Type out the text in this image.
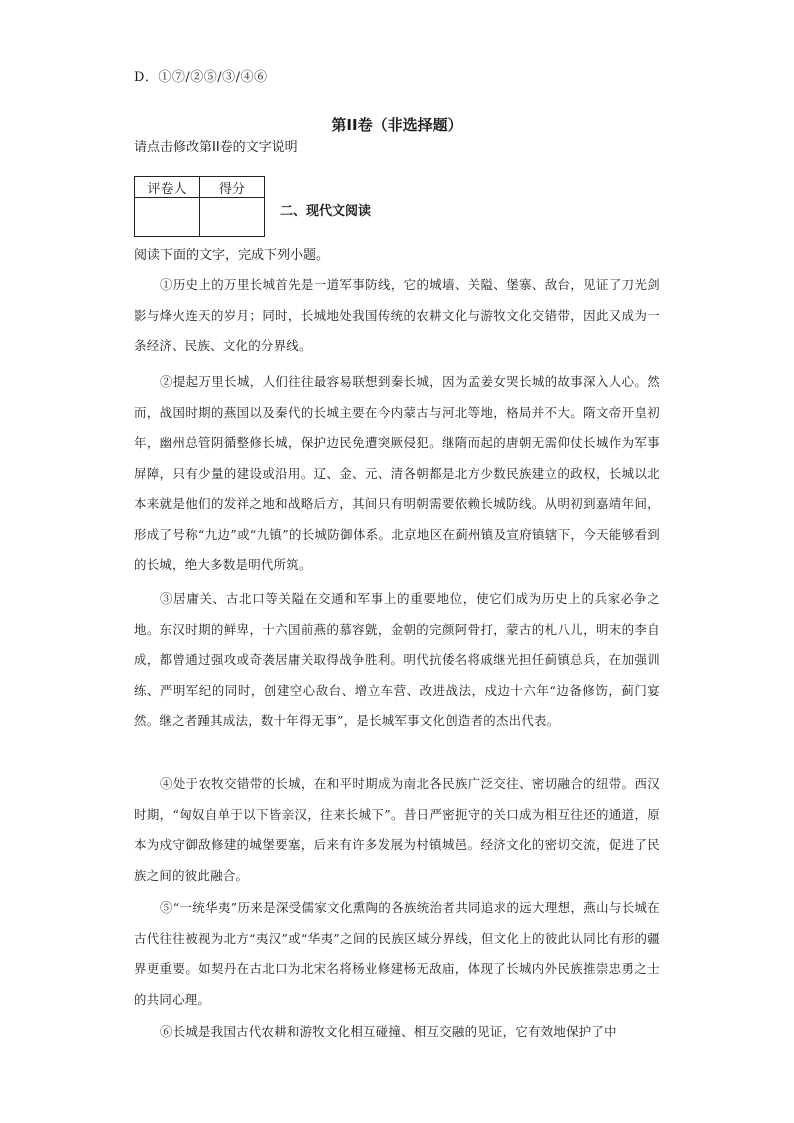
D．①⑦/②⑤/③/④⑥
第II卷（非选择题）
请点击修改第II卷的文字说明
评卷人	得分

二、现代文阅读
阅读下面的文字，完成下列小题。

①历史上的万里长城首先是一道军事防线，它的城墙、关隘、堡寨、敌台，见证了刀光剑影与烽火连天的岁月；同时，长城地处我国传统的农耕文化与游牧文化交错带，因此又成为一条经济、民族、文化的分界线。

②提起万里长城，人们往往最容易联想到秦长城，因为孟姜女哭长城的故事深入人心。然而，战国时期的燕国以及秦代的长城主要在今内蒙古与河北等地，格局并不大。隋文帝开皇初年，幽州总管阴循整修长城，保护边民免遭突厥侵犯。继隋而起的唐朝无需仰仗长城作为军事屏障，只有少量的建设或沿用。辽、金、元、清各朝都是北方少数民族建立的政权，长城以北本来就是他们的发祥之地和战略后方，其间只有明朝需要依赖长城防线。从明初到嘉靖年间，形成了号称“九边”或“九镇”的长城防御体系。北京地区在蓟州镇及宣府镇辖下，今天能够看到的长城，绝大多数是明代所筑。

③居庸关、古北口等关隘在交通和军事上的重要地位，使它们成为历史上的兵家必争之地。东汉时期的鲜卑，十六国前燕的慕容皝，金朝的完颜阿骨打，蒙古的札八儿，明末的李自成，都曾通过强攻或奇袭居庸关取得战争胜利。明代抗倭名将戚继光担任蓟镇总兵，在加强训练、严明军纪的同时，创建空心敌台、增立车营、改进战法，戍边十六年“边备修饬，蓟门宴然。继之者踵其成法，数十年得无事”，是长城军事文化创造者的杰出代表。

④处于农牧交错带的长城，在和平时期成为南北各民族广泛交往、密切融合的纽带。西汉时期，“匈奴自单于以下皆亲汉，往来长城下”。昔日严密扼守的关口成为相互往还的通道，原本为戍守御敌修建的城堡要塞，后来有许多发展为村镇城邑。经济文化的密切交流，促进了民族之间的彼此融合。

⑤“一统华夷”历来是深受儒家文化熏陶的各族统治者共同追求的远大理想，燕山与长城在古代往往被视为北方“夷汉”或“华夷”之间的民族区域分界线，但文化上的彼此认同比有形的疆界更重要。如契丹在古北口为北宋名将杨业修建杨无敌庙，体现了长城内外民族推崇忠勇之士的共同心理。

⑥长城是我国古代农耕和游牧文化相互碰撞、相互交融的见证，它有效地保护了中
